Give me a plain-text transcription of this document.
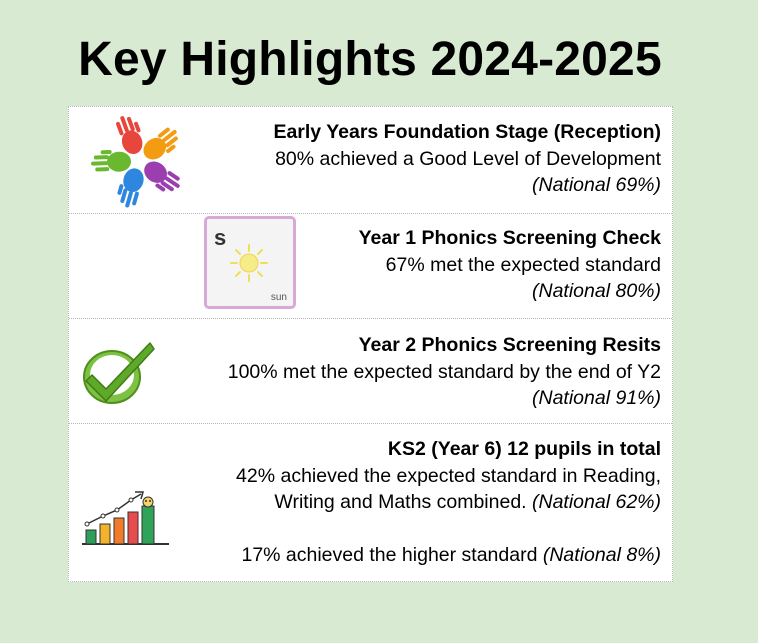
Key Highlights 2024-2025
Early Years Foundation Stage (Reception)
80% achieved a Good Level of Development
(National 69%)
s
sun
Year 1 Phonics Screening Check
67% met the expected standard
(National 80%)
Year 2 Phonics Screening Resits
100% met the expected standard by the end of Y2
(National 91%)
KS2 (Year 6) 12 pupils in total
42% achieved the expected standard in Reading,
Writing and Maths combined. (National 62%)
17% achieved the higher standard (National 8%)
